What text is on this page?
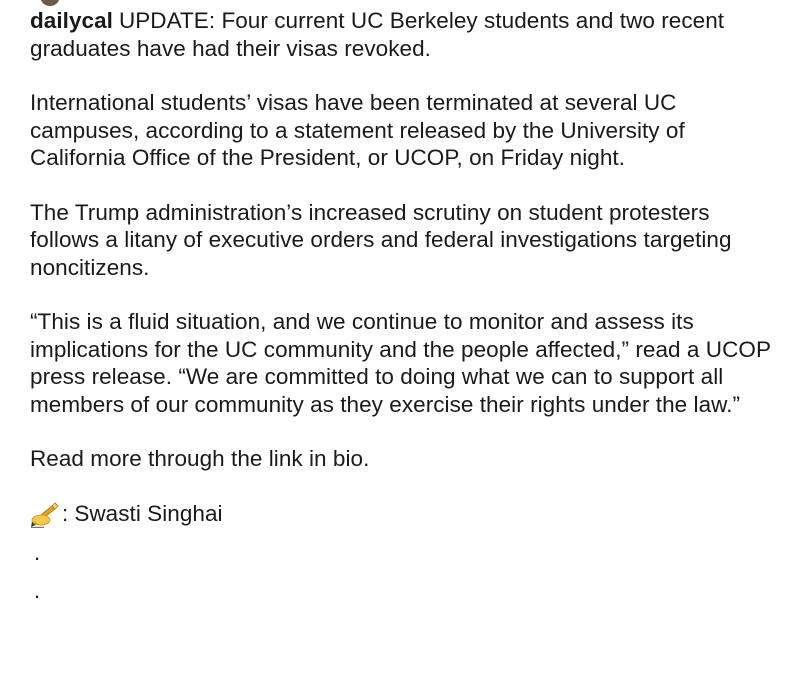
dailycal UPDATE: Four current UC Berkeley students and two recent graduates have had their visas revoked.

International students’ visas have been terminated at several UC campuses, according to a statement released by the University of California Office of the President, or UCOP, on Friday night.

The Trump administration’s increased scrutiny on student protesters follows a litany of executive orders and federal investigations targeting noncitizens.

“This is a fluid situation, and we continue to monitor and assess its implications for the UC community and the people affected,” read a UCOP press release. “We are committed to doing what we can to support all members of our community as they exercise their rights under the law.”

Read more through the link in bio.

: Swasti Singhai
.
.
